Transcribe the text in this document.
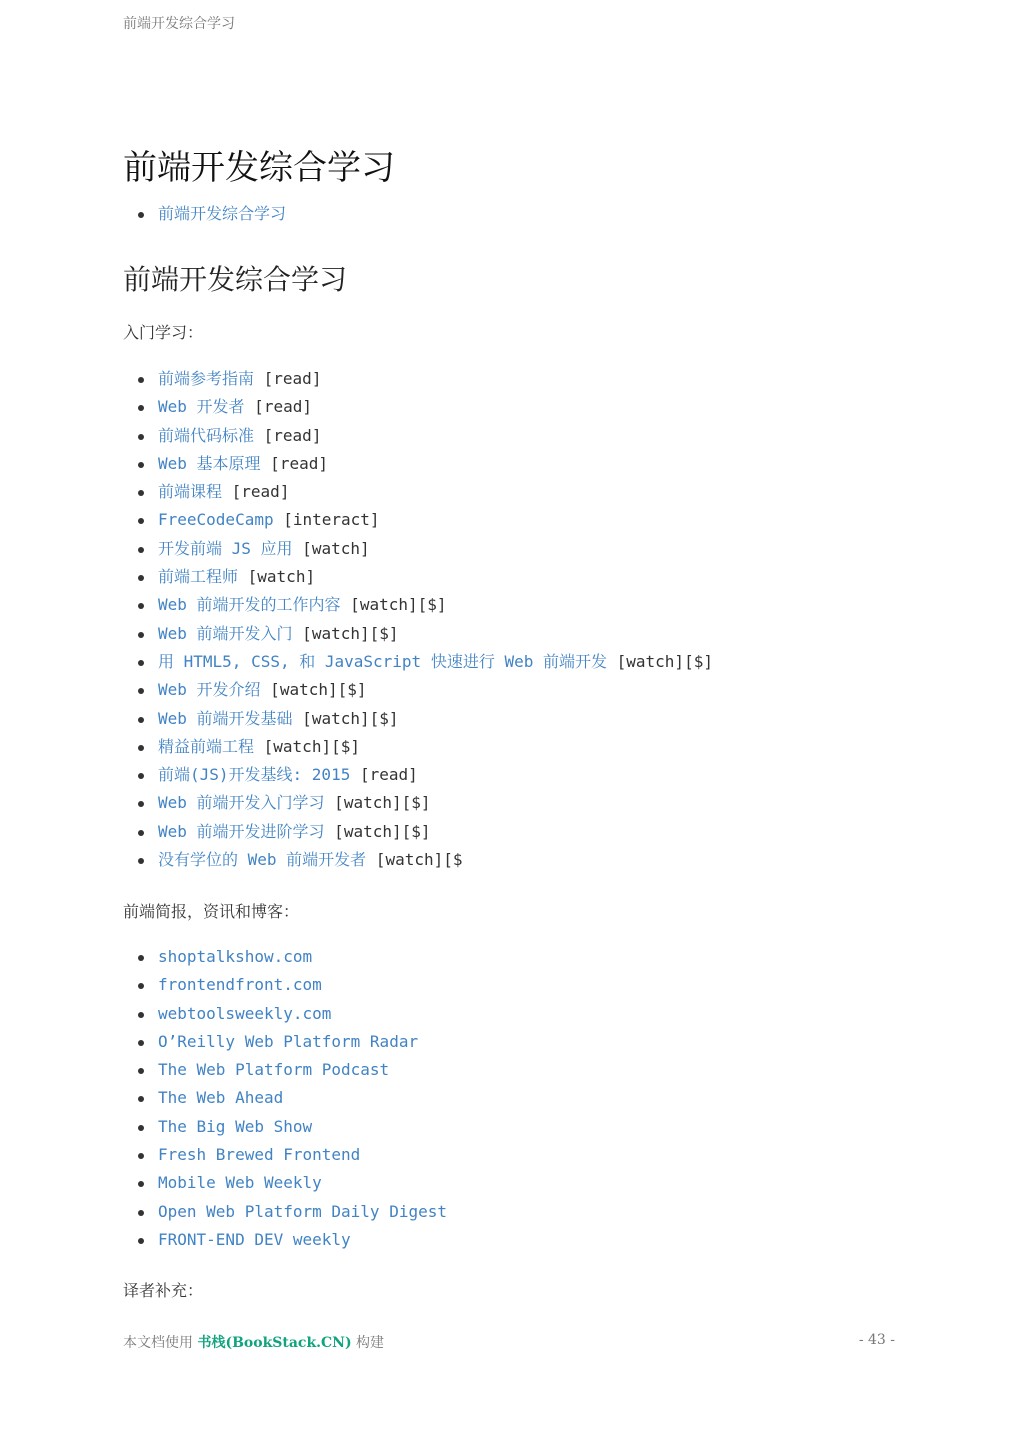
前端开发综合学习
前端开发综合学习
前端开发综合学习
前端开发综合学习

入门学习：

前端参考指南 [read]
Web 开发者 [read]
前端代码标准 [read]
Web 基本原理 [read]
前端课程 [read]
FreeCodeCamp [interact]
开发前端 JS 应用 [watch]
前端工程师 [watch]
Web 前端开发的工作内容 [watch][$]
Web 前端开发入门 [watch][$]
用 HTML5, CSS, 和 JavaScript 快速进行 Web 前端开发 [watch][$]
Web 开发介绍 [watch][$]
Web 前端开发基础 [watch][$]
精益前端工程 [watch][$]
前端(JS)开发基线: 2015 [read]
Web 前端开发入门学习 [watch][$]
Web 前端开发进阶学习 [watch][$]
没有学位的 Web 前端开发者 [watch][$

前端简报，资讯和博客：

shoptalkshow.com
frontendfront.com
webtoolsweekly.com
O’Reilly Web Platform Radar
The Web Platform Podcast
The Web Ahead
The Big Web Show
Fresh Brewed Frontend
Mobile Web Weekly
Open Web Platform Daily Digest
FRONT-END DEV weekly

译者补充：

本文档使用 书栈(BookStack.CN) 构建	- 43 -
